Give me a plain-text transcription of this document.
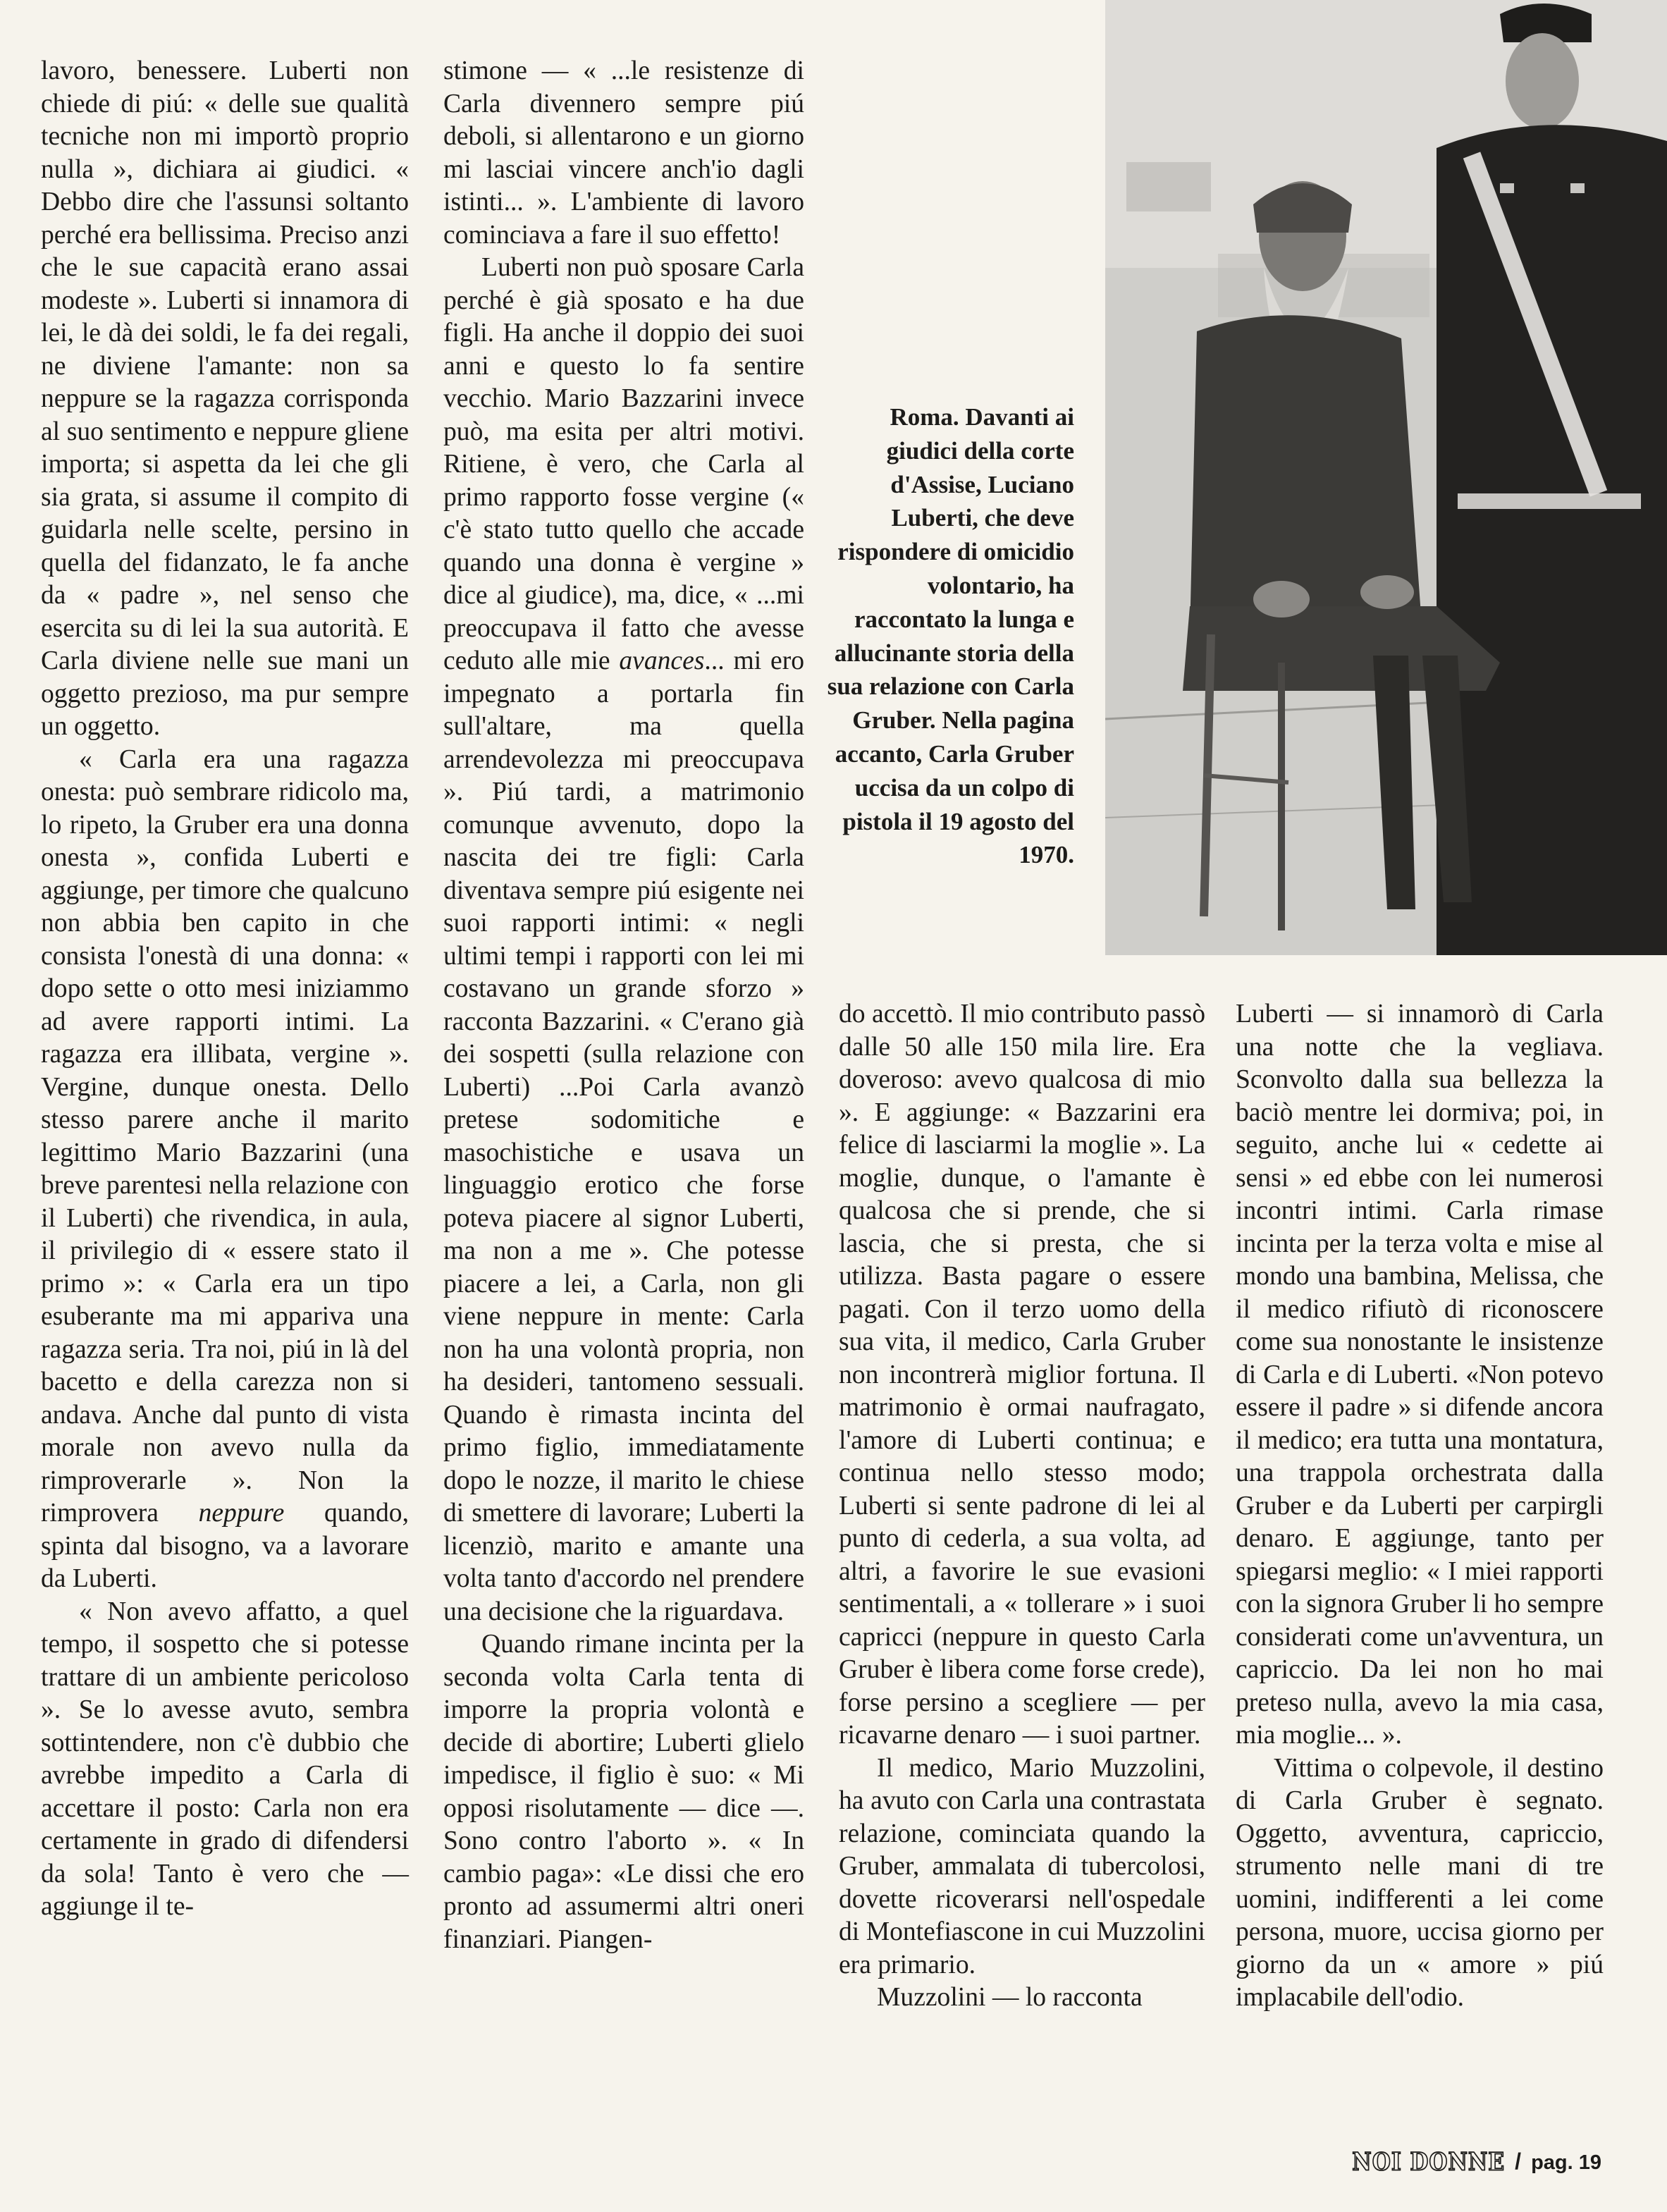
lavoro, benessere. Luberti non chiede di piú: « delle sue qualità tecniche non mi importò proprio nulla », dichiara ai giudici. « Debbo dire che l'assunsi soltanto perché era bellissima. Preciso anzi che le sue capacità erano assai modeste ». Luberti si innamora di lei, le dà dei soldi, le fa dei regali, ne diviene l'amante: non sa neppure se la ragazza corrisponda al suo sentimento e neppure gliene importa; si aspetta da lei che gli sia grata, si assume il compito di guidarla nelle scelte, persino in quella del fidanzato, le fa anche da « padre », nel senso che esercita su di lei la sua autorità. E Carla diviene nelle sue mani un oggetto prezioso, ma pur sempre un oggetto.

« Carla era una ragazza onesta: può sembrare ridicolo ma, lo ripeto, la Gruber era una donna onesta », confida Luberti e aggiunge, per timore che qualcuno non abbia ben capito in che consista l'onestà di una donna: « dopo sette o otto mesi iniziammo ad avere rapporti intimi. La ragazza era illibata, vergine ». Vergine, dunque onesta. Dello stesso parere anche il marito legittimo Mario Bazzarini (una breve parentesi nella relazione con il Luberti) che rivendica, in aula, il privilegio di « essere stato il primo »: « Carla era un tipo esuberante ma mi appariva una ragazza seria. Tra noi, piú in là del bacetto e della carezza non si andava. Anche dal punto di vista morale non avevo nulla da rimproverarle ». Non la rimprovera neppure quando, spinta dal bisogno, va a lavorare da Luberti.

« Non avevo affatto, a quel tempo, il sospetto che si potesse trattare di un ambiente pericoloso ». Se lo avesse avuto, sembra sottintendere, non c'è dubbio che avrebbe impedito a Carla di accettare il posto: Carla non era certamente in grado di difendersi da sola! Tanto è vero che — aggiunge il te-

stimone — « ...le resistenze di Carla divennero sempre piú deboli, si allentarono e un giorno mi lasciai vincere anch'io dagli istinti... ». L'ambiente di lavoro cominciava a fare il suo effetto!

Luberti non può sposare Carla perché è già sposato e ha due figli. Ha anche il doppio dei suoi anni e questo lo fa sentire vecchio. Mario Bazzarini invece può, ma esita per altri motivi. Ritiene, è vero, che Carla al primo rapporto fosse vergine (« c'è stato tutto quello che accade quando una donna è vergine » dice al giudice), ma, dice, « ...mi preoccupava il fatto che avesse ceduto alle mie avances... mi ero impegnato a portarla fin sull'altare, ma quella arrendevolezza mi preoccupava ». Piú tardi, a matrimonio comunque avvenuto, dopo la nascita dei tre figli: Carla diventava sempre piú esigente nei suoi rapporti intimi: « negli ultimi tempi i rapporti con lei mi costavano un grande sforzo » racconta Bazzarini. « C'erano già dei sospetti (sulla relazione con Luberti) ...Poi Carla avanzò pretese sodomitiche e masochistiche e usava un linguaggio erotico che forse poteva piacere al signor Luberti, ma non a me ». Che potesse piacere a lei, a Carla, non gli viene neppure in mente: Carla non ha una volontà propria, non ha desideri, tantomeno sessuali. Quando è rimasta incinta del primo figlio, immediatamente dopo le nozze, il marito le chiese di smettere di lavorare; Luberti la licenziò, marito e amante una volta tanto d'accordo nel prendere una decisione che la riguardava.

Quando rimane incinta per la seconda volta Carla tenta di imporre la propria volontà e decide di abortire; Luberti glielo impedisce, il figlio è suo: « Mi opposi risolutamente — dice —. Sono contro l'aborto ». « In cambio paga»: «Le dissi che ero pronto ad assumermi altri oneri finanziari. Piangen-

Roma. Davanti ai giudici della corte d'Assise, Luciano Luberti, che deve rispondere di omicidio volontario, ha raccontato la lunga e allucinante storia della sua relazione con Carla Gruber. Nella pagina accanto, Carla Gruber uccisa da un colpo di pistola il 19 agosto del 1970.

do accettò. Il mio contributo passò dalle 50 alle 150 mila lire. Era doveroso: avevo qualcosa di mio ». E aggiunge: « Bazzarini era felice di lasciarmi la moglie ». La moglie, dunque, o l'amante è qualcosa che si prende, che si lascia, che si presta, che si utilizza. Basta pagare o essere pagati. Con il terzo uomo della sua vita, il medico, Carla Gruber non incontrerà miglior fortuna. Il matrimonio è ormai naufragato, l'amore di Luberti continua; e continua nello stesso modo; Luberti si sente padrone di lei al punto di cederla, a sua volta, ad altri, a favorire le sue evasioni sentimentali, a « tollerare » i suoi capricci (neppure in questo Carla Gruber è libera come forse crede), forse persino a scegliere — per ricavarne denaro — i suoi partner.

Il medico, Mario Muzzolini, ha avuto con Carla una contrastata relazione, cominciata quando la Gruber, ammalata di tubercolosi, dovette ricoverarsi nell'ospedale di Montefiascone in cui Muzzolini era primario.

Muzzolini — lo racconta

Luberti — si innamorò di Carla una notte che la vegliava. Sconvolto dalla sua bellezza la baciò mentre lei dormiva; poi, in seguito, anche lui « cedette ai sensi » ed ebbe con lei numerosi incontri intimi. Carla rimase incinta per la terza volta e mise al mondo una bambina, Melissa, che il medico rifiutò di riconoscere come sua nonostante le insistenze di Carla e di Luberti. «Non potevo essere il padre » si difende ancora il medico; era tutta una montatura, una trappola orchestrata dalla Gruber e da Luberti per carpirgli denaro. E aggiunge, tanto per spiegarsi meglio: « I miei rapporti con la signora Gruber li ho sempre considerati come un'avventura, un capriccio. Da lei non ho mai preteso nulla, avevo la mia casa, mia moglie... ».

Vittima o colpevole, il destino di Carla Gruber è segnato. Oggetto, avventura, capriccio, strumento nelle mani di tre uomini, indifferenti a lei come persona, muore, uccisa giorno per giorno da un « amore » piú implacabile dell'odio.

NOI DONNE / pag. 19
